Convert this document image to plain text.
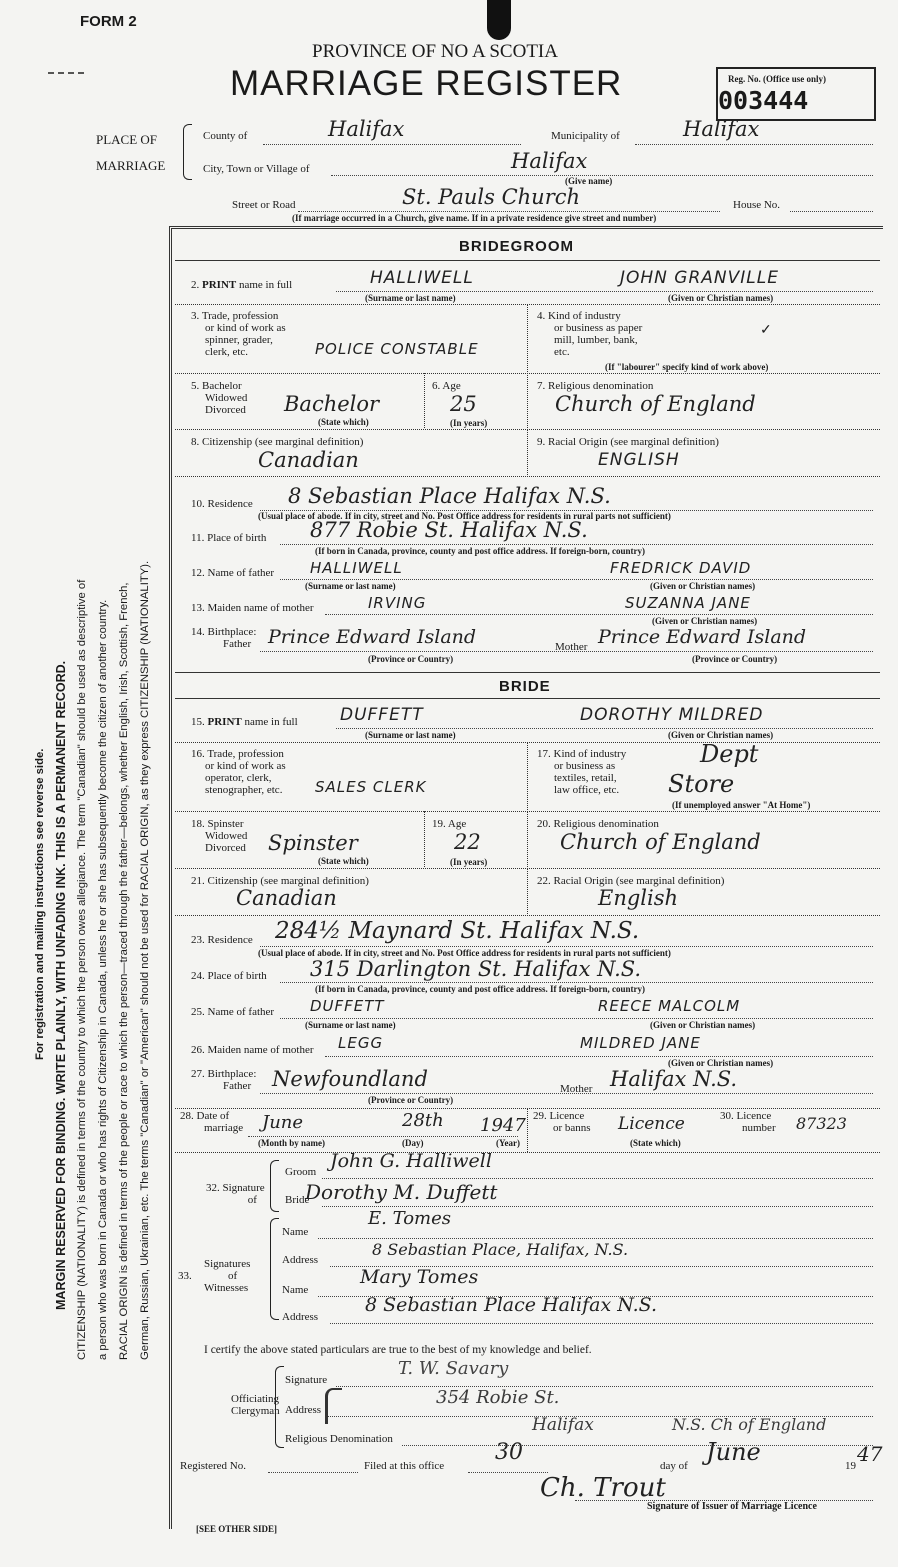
FORM 2
PROVINCE OF NO A SCOTIA
MARRIAGE REGISTER	Reg. No. (Office use only)
003444
PLACE OF
MARRIAGE
County of	Halifax	Municipality of	Halifax
City, Town or Village of	Halifax
(Give name)
Street or Road	St. Pauls Church	House No.
(If marriage occurred in a Church, give name. If in a private residence give street and number)
For registration and mailing instructions see reverse side. MARGIN RESERVED FOR BINDING. WRITE PLAINLY, WITH UNFADING INK. THIS IS A PERMANENT RECORD. CITIZENSHIP (NATIONALITY) is defined in terms of the country to which the person owes allegiance. The term "Canadian" should be used as descriptive of a person who was born in Canada or who has rights of Citizenship in Canada, unless he or she has subsequently become the citizen of another country. RACIAL ORIGIN is defined in terms of the people or race to which the person—traced through the father—belongs, whether English, Irish, Scottish, French, German, Russian, Ukrainian, etc. The terms "Canadian" or "American" should not be used for RACIAL ORIGIN, as they express CITIZENSHIP (NATIONALITY).
BRIDEGROOM
2. PRINT name in full	HALLIWELL	JOHN GRANVILLE
(Surname or last name)	(Given or Christian names)
3. Trade, profession
or kind of work as
spinner, grader,
clerk, etc.	POLICE CONSTABLE
4. Kind of industry
or business as paper
mill, lumber, bank,
etc.
✓
(If "labourer" specify kind of work above)
5. Bachelor
Widowed
Divorced Bachelor
(State which)
6. Age
25
(In years)
7. Religious denomination
Church of England
8. Citizenship (see marginal definition)
Canadian
9. Racial Origin (see marginal definition)
ENGLISH
10. Residence 8 Sebastian Place Halifax N.S.
(Usual place of abode. If in city, street and No. Post Office address for residents in rural parts not sufficient)
11. Place of birth 877 Robie St. Halifax N.S.
(If born in Canada, province, county and post office address. If foreign-born, country)
12. Name of father HALLIWELL	FREDRICK DAVID
(Surname or last name)	(Given or Christian names)
13. Maiden name of mother	IRVING	SUZANNA JANE
(Given or Christian names)
14. Birthplace:
Father Prince Edward Island	Mother Prince Edward Island
(Province or Country)	(Province or Country)
BRIDE
15. PRINT name in full DUFFETT	DOROTHY MILDRED
(Surname or last name)	(Given or Christian names)
16. Trade, profession
or kind of work as
operator, clerk,
stenographer, etc. SALES CLERK
17. Kind of industry
or business as
textiles, retail,
law office, etc.
Dept
Store
(If unemployed answer "At Home")
18. Spinster
Widowed
Divorced Spinster
(State which)
19. Age
22
(In years)
20. Religious denomination
Church of England
21. Citizenship (see marginal definition)
Canadian
22. Racial Origin (see marginal definition)
English
23. Residence 284½ Maynard St. Halifax N.S.
(Usual place of abode. If in city, street and No. Post Office address for residents in rural parts not sufficient)
24. Place of birth 315 Darlington St. Halifax N.S.
(If born in Canada, province, county and post office address. If foreign-born, country)
25. Name of father DUFFETT	REECE MALCOLM
(Surname or last name)	(Given or Christian names)
26. Maiden name of mother LEGG	MILDRED JANE
(Given or Christian names)
27. Birthplace:
Father Newfoundland	Mother Halifax N.S.
(Province or Country)
28. Date of
marriage June	28th 1947
(Month by name)	(Day)	(Year)
29. Licence
or banns Licence
(State which)
30. Licence
number 87323
32. Signature
of
Groom John G. Halliwell
Bride
Dorothy M. Duffett
Signatures
33.	of
Witnesses
Name
E. Tomes
Address
8 Sebastian Place, Halifax, N.S.
Name
Mary Tomes
Address
8 Sebastian Place Halifax N.S.
I certify the above stated particulars are true to the best of my knowledge and belief.
Officiating
Clergyman
Signature
T. W. Savary
Address
354 Robie St.
Religious Denomination
Halifax	N.S. Ch of England
Registered No.	Filed at this office
30
day of June	19 47
Ch. Trout
Signature of Issuer of Marriage Licence
[SEE OTHER SIDE]
